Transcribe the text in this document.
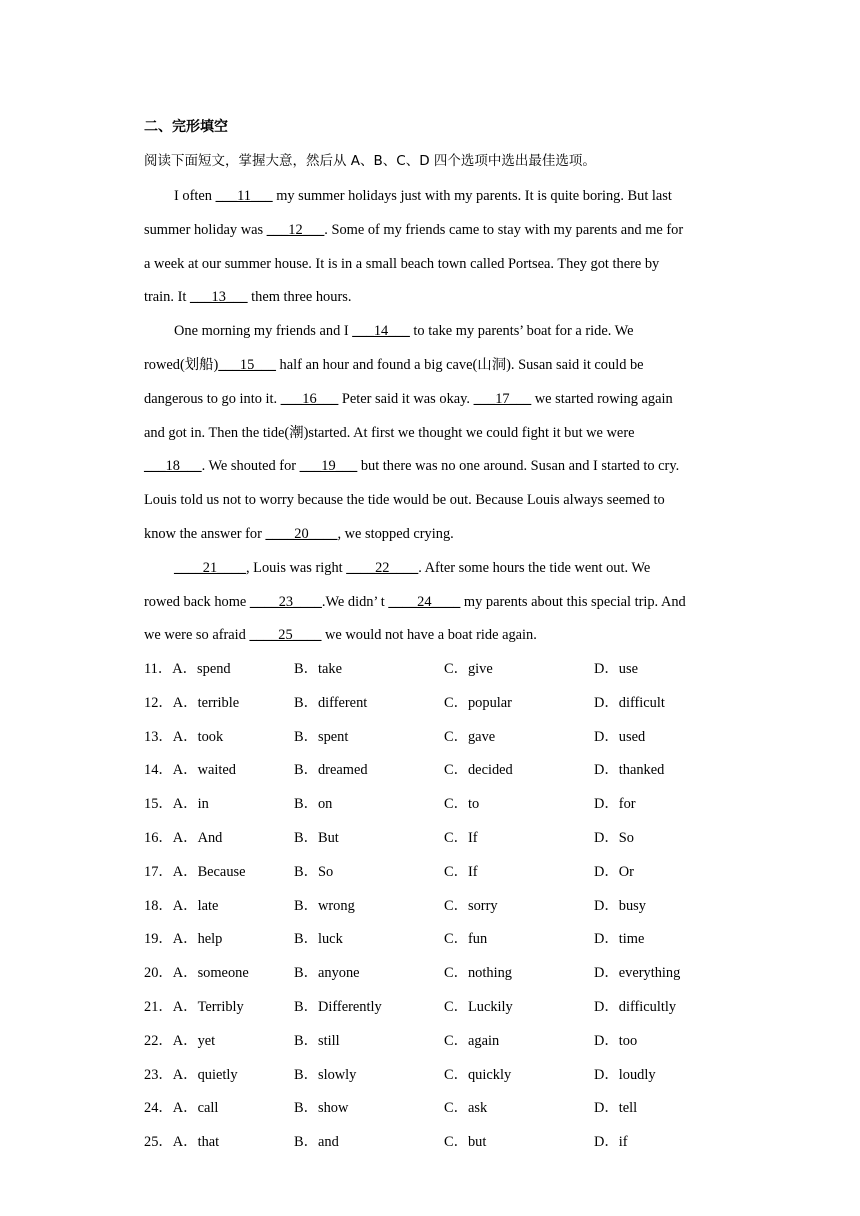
二、完形填空
阅读下面短文，掌握大意，然后从 A、B、C、D 四个选项中选出最佳选项。
I often ___11___ my summer holidays just with my parents. It is quite boring. But last
summer holiday was ___12___. Some of my friends came to stay with my parents and me for
a week at our summer house. It is in a small beach town called Portsea. They got there by
train. It ___13___ them three hours.
One morning my friends and I ___14___ to take my parents’ boat for a ride. We
rowed(划船)___15___ half an hour and found a big cave(山洞). Susan said it could be
dangerous to go into it. ___16___ Peter said it was okay. ___17___ we started rowing again
and got in. Then the tide(潮)started. At first we thought we could fight it but we were
___18___. We shouted for ___19___ but there was no one around. Susan and I started to cry.
Louis told us not to worry because the tide would be out. Because Louis always seemed to
know the answer for ____20____, we stopped crying.
____21____, Louis was right ____22____. After some hours the tide went out. We
rowed back home ____23____.We didn’ t ____24____ my parents about this special trip. And
we were so afraid ____25____ we would not have a boat ride again.
11．A．spend	B．take	C．give	D．use
12．A．terrible	B．different	C．popular	D．difficult
13．A．took	B．spent	C．gave	D．used
14．A．waited	B．dreamed	C．decided	D．thanked
15．A．in	B．on	C．to	D．for
16．A．And	B．But	C．If	D．So
17．A．Because	B．So	C．If	D．Or
18．A．late	B．wrong	C．sorry	D．busy
19．A．help	B．luck	C．fun	D．time
20．A．someone	B．anyone	C．nothing	D．everything
21．A．Terribly	B．Differently	C．Luckily	D．difficultly
22．A．yet	B．still	C．again	D．too
23．A．quietly	B．slowly	C．quickly	D．loudly
24．A．call	B．show	C．ask	D．tell
25．A．that	B．and	C．but	D．if
